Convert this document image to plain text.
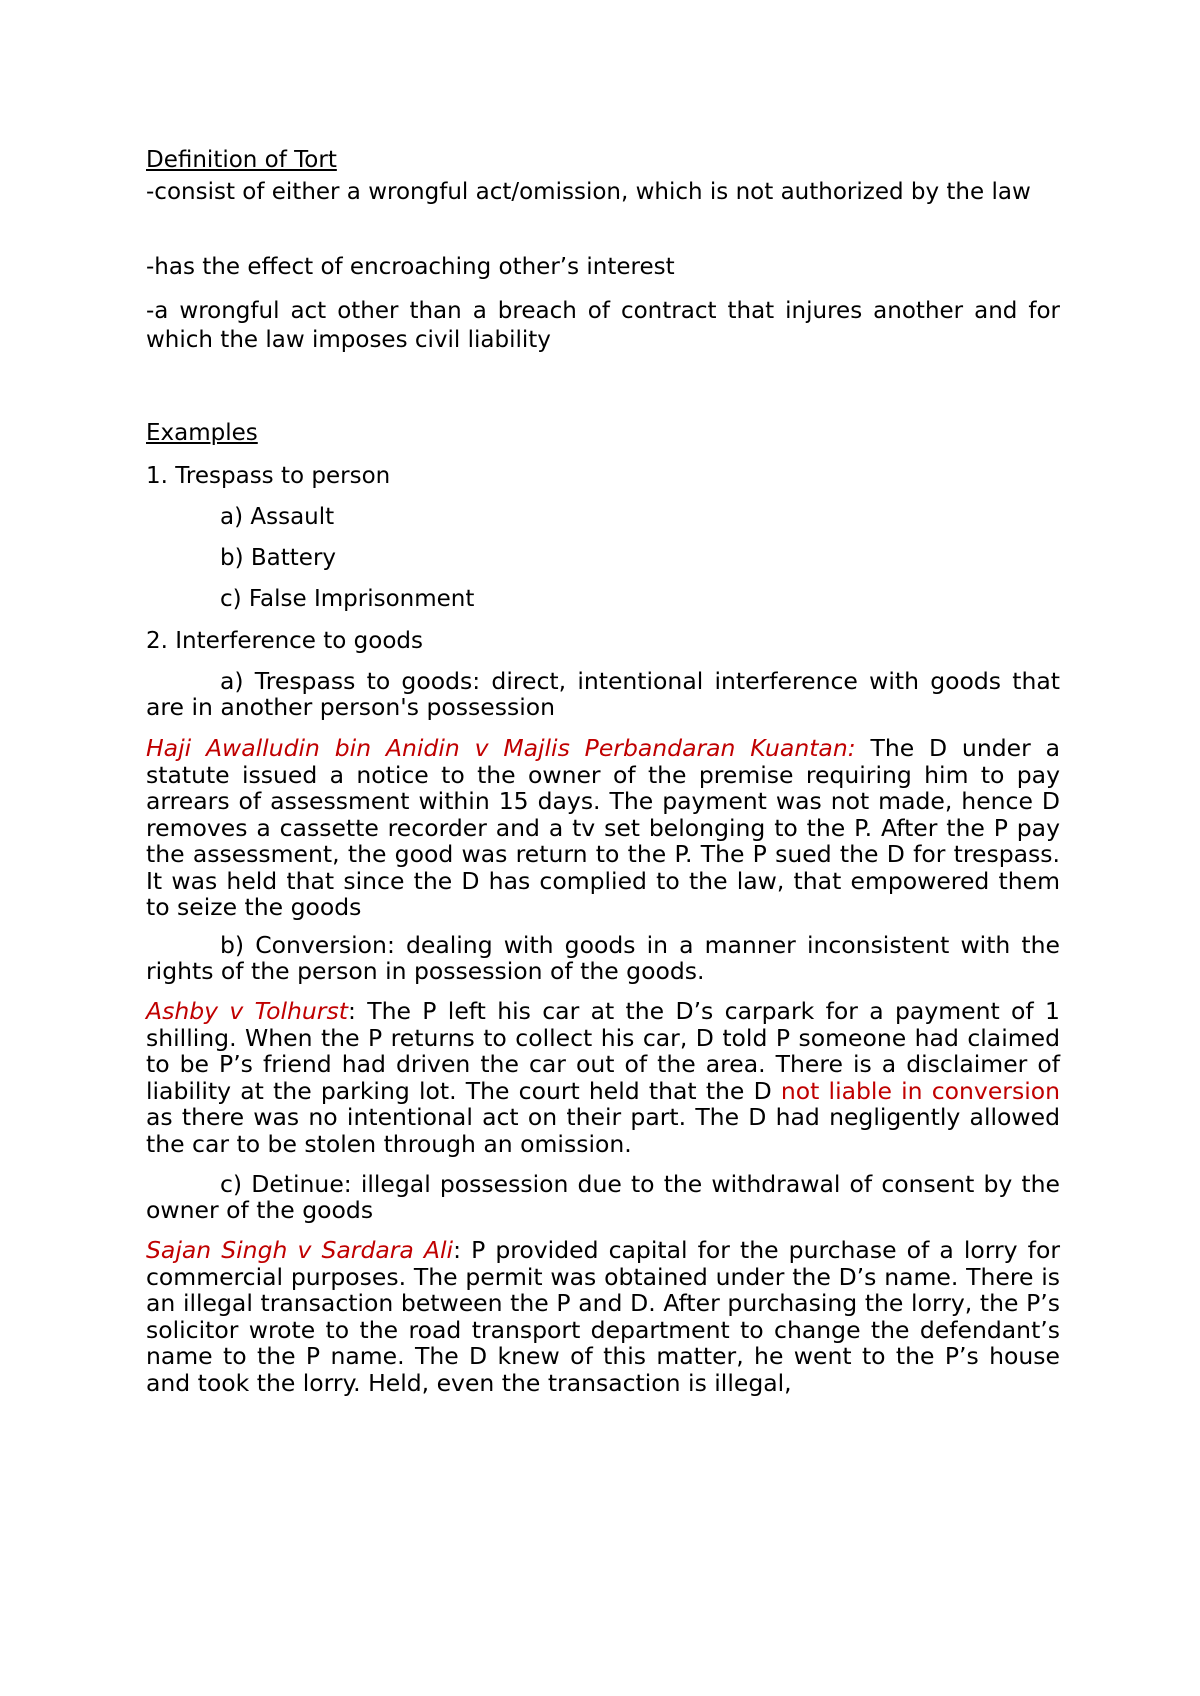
Definition of Tort

-consist of either a wrongful act/omission, which is not authorized by the law

-has the effect of encroaching other’s interest

-a wrongful act other than a breach of contract that injures another and for which the law imposes civil liability

Examples

1. Trespass to person

a) Assault

b) Battery

c) False Imprisonment

2. Interference to goods

a) Trespass to goods: direct, intentional interference with goods that are in another person's possession

Haji Awalludin bin Anidin v Majlis Perbandaran Kuantan: The D under a statute issued a notice to the owner of the premise requiring him to pay arrears of assessment within 15 days. The payment was not made, hence D removes a cassette recorder and a tv set belonging to the P. After the P pay the assessment, the good was return to the P. The P sued the D for trespass. It was held that since the D has complied to the law, that empowered them to seize the goods

b) Conversion: dealing with goods in a manner inconsistent with the rights of the person in possession of the goods.

Ashby v Tolhurst: The P left his car at the D’s carpark for a payment of 1 shilling. When the P returns to collect his car, D told P someone had claimed to be P’s friend had driven the car out of the area. There is a disclaimer of liability at the parking lot. The court held that the D not liable in conversion as there was no intentional act on their part. The D had negligently allowed the car to be stolen through an omission.

c) Detinue: illegal possession due to the withdrawal of consent by the owner of the goods

Sajan Singh v Sardara Ali: P provided capital for the purchase of a lorry for commercial purposes. The permit was obtained under the D’s name. There is an illegal transaction between the P and D. After purchasing the lorry, the P’s solicitor wrote to the road transport department to change the defendant’s name to the P name. The D knew of this matter, he went to the P’s house and took the lorry. Held, even the transaction is illegal,
